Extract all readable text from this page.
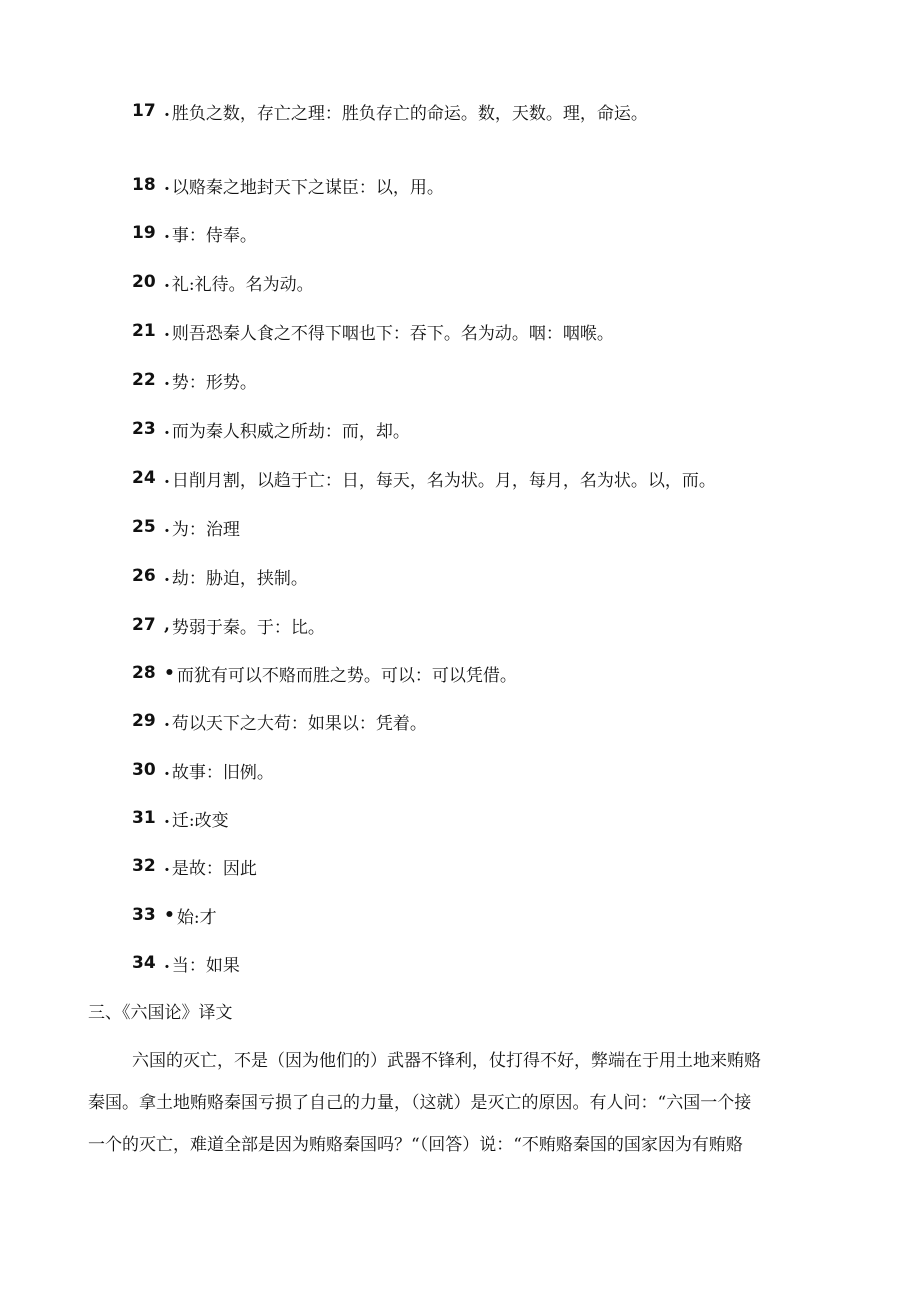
17 . 胜负之数，存亡之理：胜负存亡的命运。数，天数。理，命运。
18 . 以赂秦之地封天下之谋臣：以，用。
19 . 事：侍奉。
20 . 礼:礼待。名为动。
21 . 则吾恐秦人食之不得下咽也下：吞下。名为动。咽：咽喉。
22 . 势：形势。
23 . 而为秦人积威之所劫：而，却。
24 . 日削月割，以趋于亡：日，每天，名为状。月，每月，名为状。以，而。
25 . 为：治理
26 . 劫：胁迫，挟制。
27 , 势弱于秦。于：比。
28 • 而犹有可以不赂而胜之势。可以：可以凭借。
29 . 苟以天下之大苟：如果以：凭着。
30 . 故事：旧例。
31 . 迁:改变
32 . 是故：因此
33 • 始:才
34 . 当：如果
三、《六国论》译文
六国的灭亡，不是（因为他们的）武器不锋利，仗打得不好，弊端在于用土地来贿赂
秦国。拿土地贿赂秦国亏损了自己的力量，（这就）是灭亡的原因。有人问：“六国一个接
一个的灭亡，难道全部是因为贿赂秦国吗？“（回答）说：“不贿赂秦国的国家因为有贿赂
